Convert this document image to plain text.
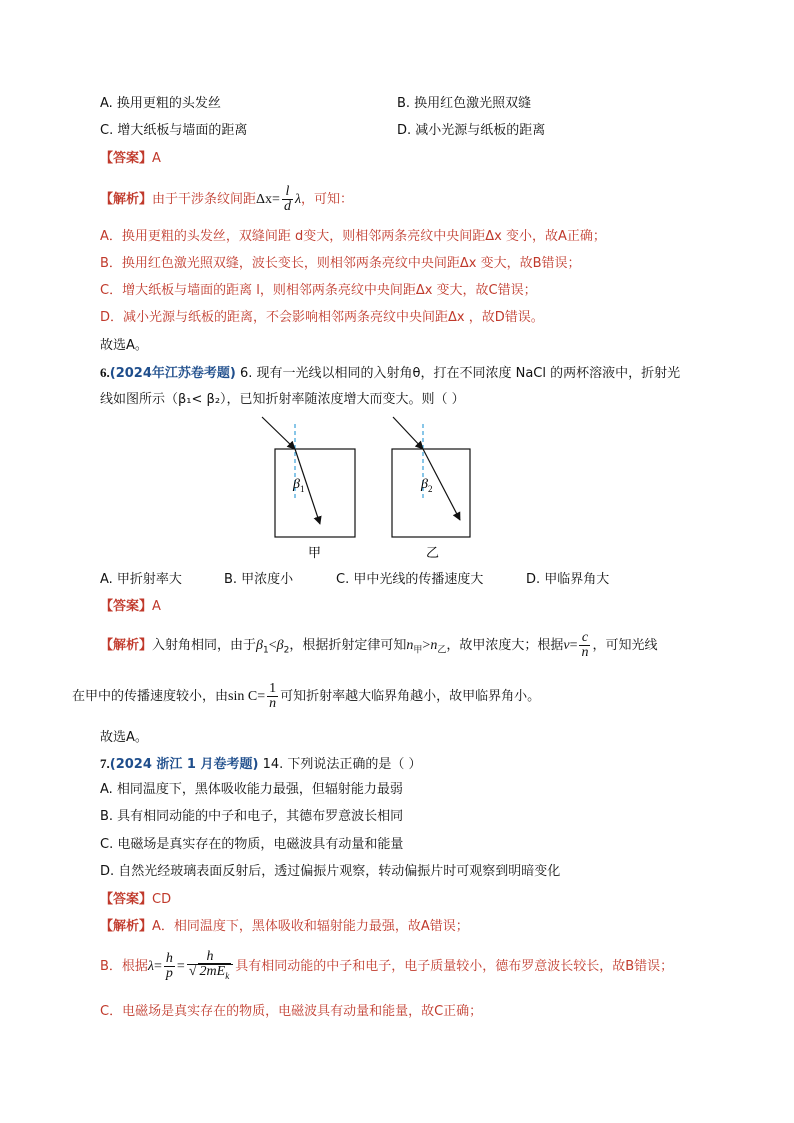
A. 换用更粗的头发丝	B. 换用红色激光照双缝
C. 增大纸板与墙面的距离	D. 减小光源与纸板的距离
【答案】A
【解析】由于干涉条纹间距$\Delta x= \frac{l}{d}$ λ，可知：
A．换用更粗的头发丝，双缝间距 d变大，则相邻两条亮纹中央间距Δx 变小，故A正确；
B．换用红色激光照双缝，波长变长，则相邻两条亮纹中央间距Δx 变大，故B错误；
C．增大纸板与墙面的距离 l，则相邻两条亮纹中央间距Δx 变大，故C错误；
D．减小光源与纸板的距离，不会影响相邻两条亮纹中央间距Δx ，故D错误。
故选A。
6.(2024年江苏卷考题) 6. 现有一光线以相同的入射角θ，打在不同浓度 NaCl 的两杯溶液中，折射光
线如图所示（β₁< β₂），已知折射率随浓度增大而变大。则（ ）
$\beta_1$
甲
$\beta_2$
乙
A. 甲折射率大	B. 甲浓度小	C. 甲中光线的传播速度大	D. 甲临界角大
【答案】A
【解析】入射角相同，由于$\beta_1<\beta_2$，根据折射定律可知$n_甲>n_乙$，故甲浓度大；根据$v= \frac{c}{n}$ ，可知光线
在甲中的传播速度较小，由$\sin C= \frac{1}{n}$ 可知折射率越大临界角越小，故甲临界角小。
故选A。
7.(2024 浙江 1 月卷考题) 14. 下列说法正确的是（ ）
A. 相同温度下，黑体吸收能力最强，但辐射能力最弱
B. 具有相同动能的中子和电子，其德布罗意波长相同
C. 电磁场是真实存在的物质，电磁波具有动量和能量
D. 自然光经玻璃表面反射后，透过偏振片观察，转动偏振片时可观察到明暗变化
【答案】CD
【解析】A．相同温度下，黑体吸收和辐射能力最强，故A错误；
B．根据$\lambda= \frac{h}{p} = \frac{h}{√ 2mE_k}$ 具有相同动能的中子和电子，电子质量较小，德布罗意波长较长，故B错误；
C．电磁场是真实存在的物质，电磁波具有动量和能量，故C正确；
